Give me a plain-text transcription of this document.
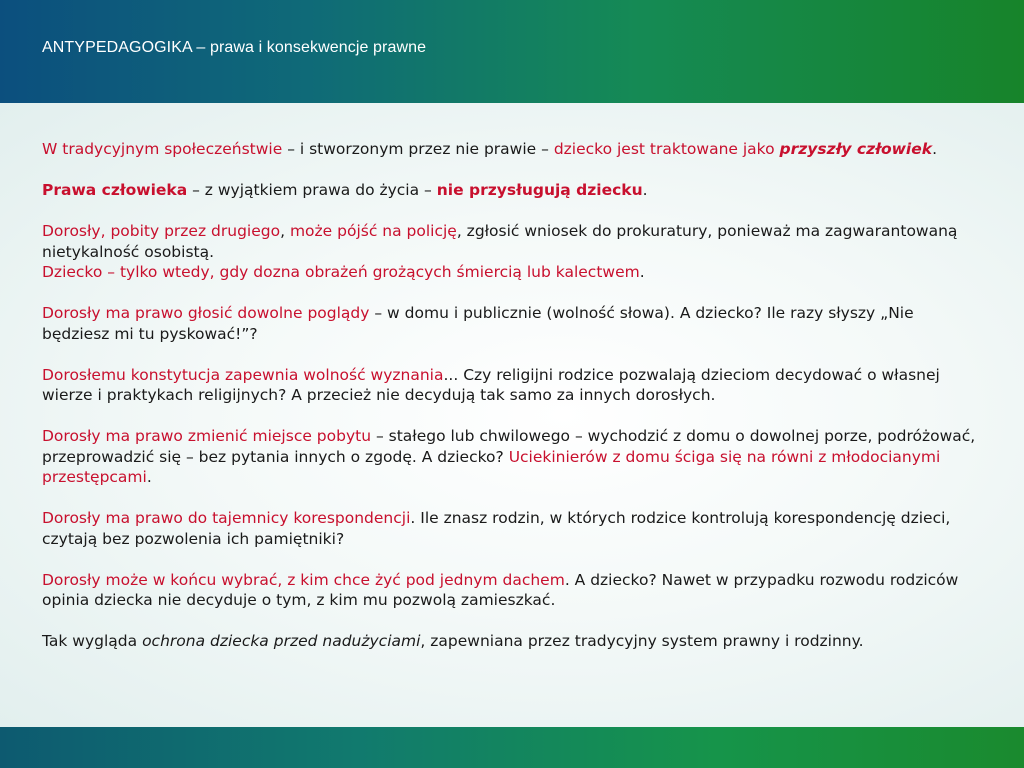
ANTYPEDAGOGIKA – prawa i konsekwencje prawne

W tradycyjnym społeczeństwie – i stworzonym przez nie prawie – dziecko jest traktowane jako przyszły człowiek.

Prawa człowieka – z wyjątkiem prawa do życia – nie przysługują dziecku.

Dorosły, pobity przez drugiego, może pójść na policję, zgłosić wniosek do prokuratury, ponieważ ma zagwarantowaną nietykalność osobistą.

Dziecko – tylko wtedy, gdy dozna obrażeń grożących śmiercią lub kalectwem.

Dorosły ma prawo głosić dowolne poglądy – w domu i publicznie (wolność słowa). A dziecko? Ile razy słyszy „Nie będziesz mi tu pyskować!”?

Dorosłemu konstytucja zapewnia wolność wyznania... Czy religijni rodzice pozwalają dzieciom decydować o własnej wierze i praktykach religijnych? A przecież nie decydują tak samo za innych dorosłych.

Dorosły ma prawo zmienić miejsce pobytu – stałego lub chwilowego – wychodzić z domu o dowolnej porze, podróżować, przeprowadzić się – bez pytania innych o zgodę. A dziecko? Uciekinierów z domu ściga się na równi z młodocianymi przestępcami.

Dorosły ma prawo do tajemnicy korespondencji. Ile znasz rodzin, w których rodzice kontrolują korespondencję dzieci, czytają bez pozwolenia ich pamiętniki?

Dorosły może w końcu wybrać, z kim chce żyć pod jednym dachem. A dziecko? Nawet w przypadku rozwodu rodziców opinia dziecka nie decyduje o tym, z kim mu pozwolą zamieszkać.

Tak wygląda ochrona dziecka przed nadużyciami, zapewniana przez tradycyjny system prawny i rodzinny.
